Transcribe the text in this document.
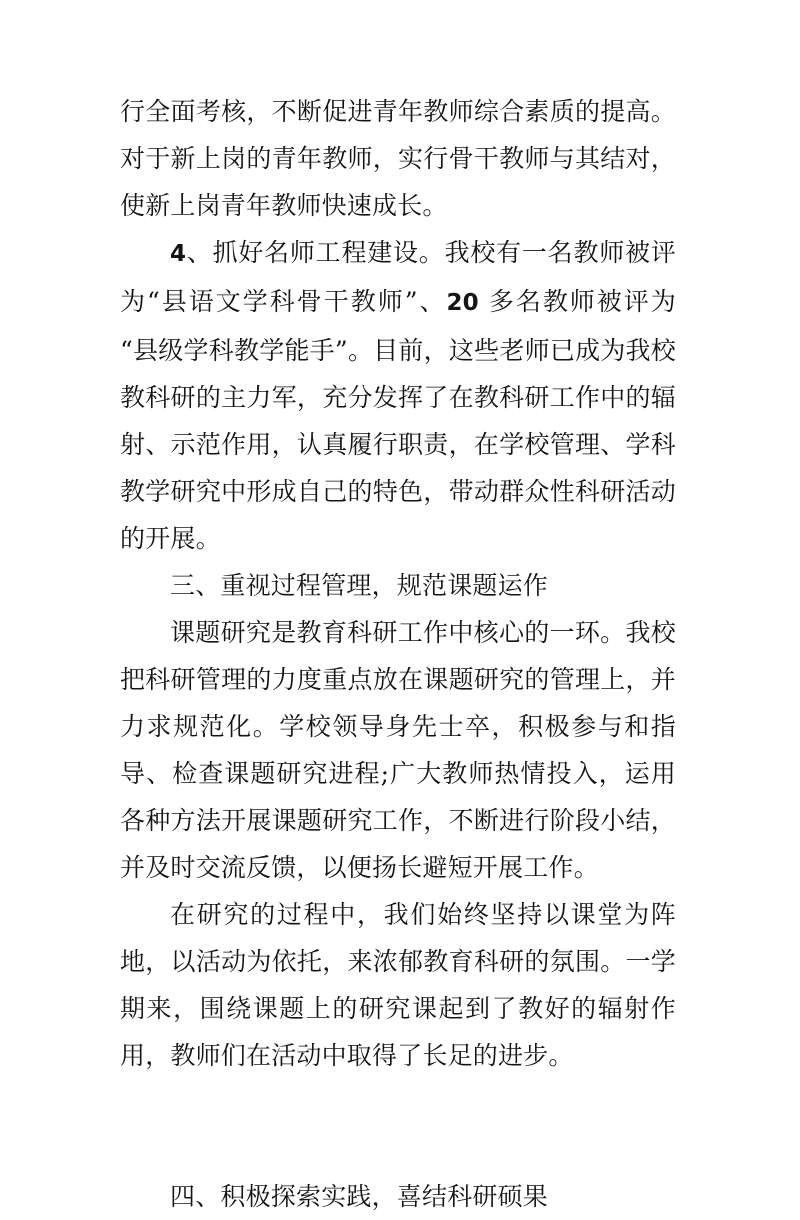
行全面考核，不断促进青年教师综合素质的提高。对于新上岗的青年教师，实行骨干教师与其结对，使新上岗青年教师快速成长。

4、抓好名师工程建设。我校有一名教师被评为“县语文学科骨干教师”、20 多名教师被评为“县级学科教学能手”。目前，这些老师已成为我校教科研的主力军，充分发挥了在教科研工作中的辐射、示范作用，认真履行职责，在学校管理、学科教学研究中形成自己的特色，带动群众性科研活动的开展。

三、重视过程管理，规范课题运作

课题研究是教育科研工作中核心的一环。我校把科研管理的力度重点放在课题研究的管理上，并力求规范化。学校领导身先士卒，积极参与和指导、检查课题研究进程;广大教师热情投入，运用各种方法开展课题研究工作，不断进行阶段小结，并及时交流反馈，以便扬长避短开展工作。

在研究的过程中，我们始终坚持以课堂为阵地，以活动为依托，来浓郁教育科研的氛围。一学期来，围绕课题上的研究课起到了教好的辐射作用，教师们在活动中取得了长足的进步。

四、积极探索实践，喜结科研硕果
